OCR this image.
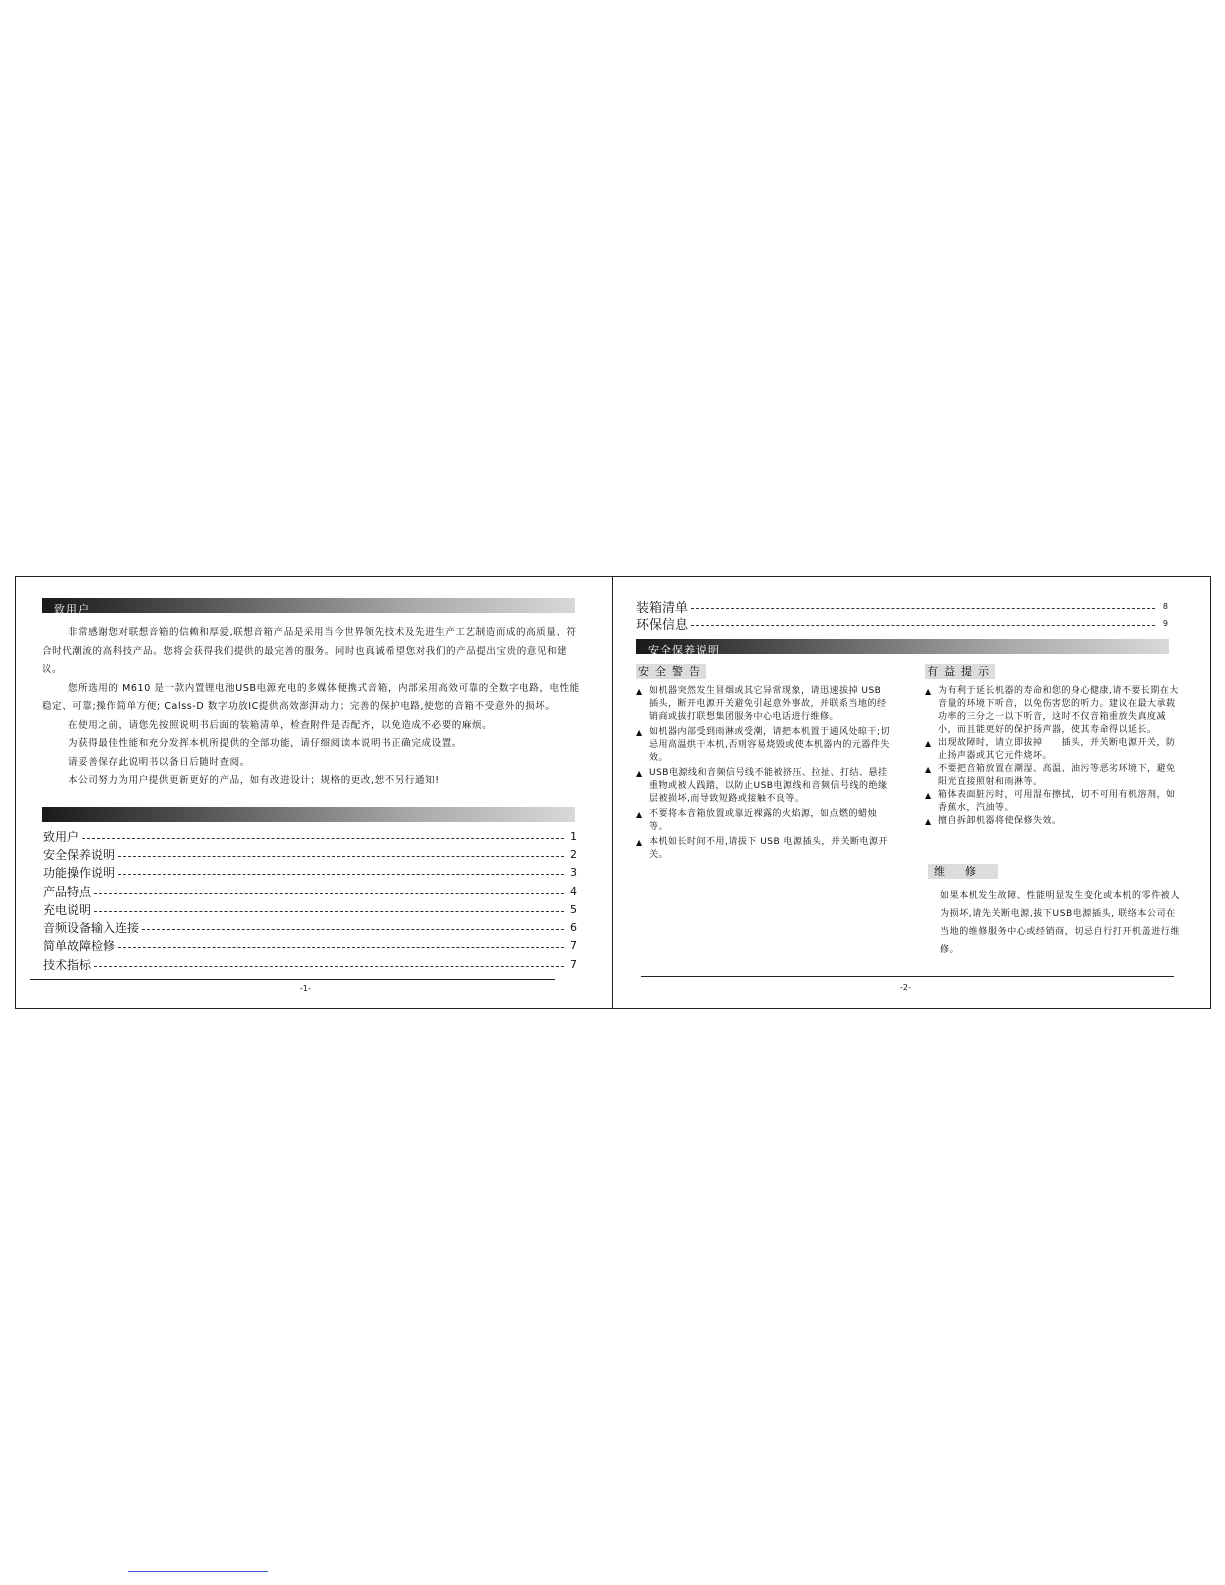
致用户

非常感谢您对联想音箱的信赖和厚爱,联想音箱产品是采用当今世界领先技术及先进生产工艺制造而成的高质量、符合时代潮流的高科技产品。您将会获得我们提供的最完善的服务。同时也真诚希望您对我们的产品提出宝贵的意见和建议。

您所选用的 M610 是一款内置锂电池USB电源充电的多媒体便携式音箱，内部采用高效可靠的全数字电路，电性能稳定、可靠;操作简单方便; Calss-D 数字功放IC提供高效澎湃动力；完善的保护电路,使您的音箱不受意外的损坏。

在使用之前，请您先按照说明书后面的装箱清单，检查附件是否配齐，以免造成不必要的麻烦。

为获得最佳性能和充分发挥本机所提供的全部功能，请仔细阅读本说明书正确完成设置。

请妥善保存此说明书以备日后随时查阅。

本公司努力为用户提供更新更好的产品，如有改进设计；规格的更改,恕不另行通知!

致用户	1
安全保养说明	2
功能操作说明	3
产品特点	4
充电说明	5
音频设备输入连接	6
简单故障检修	7
技术指标	7
-1-
装箱清单	8
环保信息	9
安全保养说明
安全警告
▲ 如机器突然发生冒烟或其它异常现象，请迅速拔掉 USB 插头，断开电源开关避免引起意外事故，并联系当地的经销商或拔打联想集团服务中心电话进行维修。
▲ 如机器内部受到雨淋或受潮，请把本机置于通风处晾干;切忌用高温烘干本机,否则容易烧毁或使本机器内的元器件失效。
▲ USB电源线和音频信号线不能被挤压、拉扯、打结、悬挂重物或被人践踏，以防止USB电源线和音频信号线的绝缘层被损坏,而导致短路或接触不良等。
▲ 不要将本音箱放置或靠近裸露的火焰源，如点燃的蜡烛等。
▲ 本机如长时间不用,请拔下 USB 电源插头，并关断电源开关。
有益提示
▲ 为有利于延长机器的寿命和您的身心健康,请不要长期在大音量的环境下听音，以免伤害您的听力。建议在最大承载功率的三分之一以下听音，这时不仅音箱重放失真度减小，而且能更好的保护扬声器，使其寿命得以延长。
▲ 出现故障时，请立即拔掉　　插头，并关断电源开关，防止扬声器或其它元件烧坏。
▲ 不要把音箱放置在潮湿、高温、油污等恶劣环境下，避免阳光直接照射和雨淋等。
▲ 箱体表面脏污时，可用湿布擦拭，切不可用有机溶剂，如香蕉水，汽油等。
▲ 擅自拆卸机器将使保修失效。
维修
如果本机发生故障、性能明显发生变化或本机的零件被人为损坏,请先关断电源,拔下USB电源插头, 联络本公司在当地的维修服务中心或经销商，切忌自行打开机盖进行维修。
-2-
